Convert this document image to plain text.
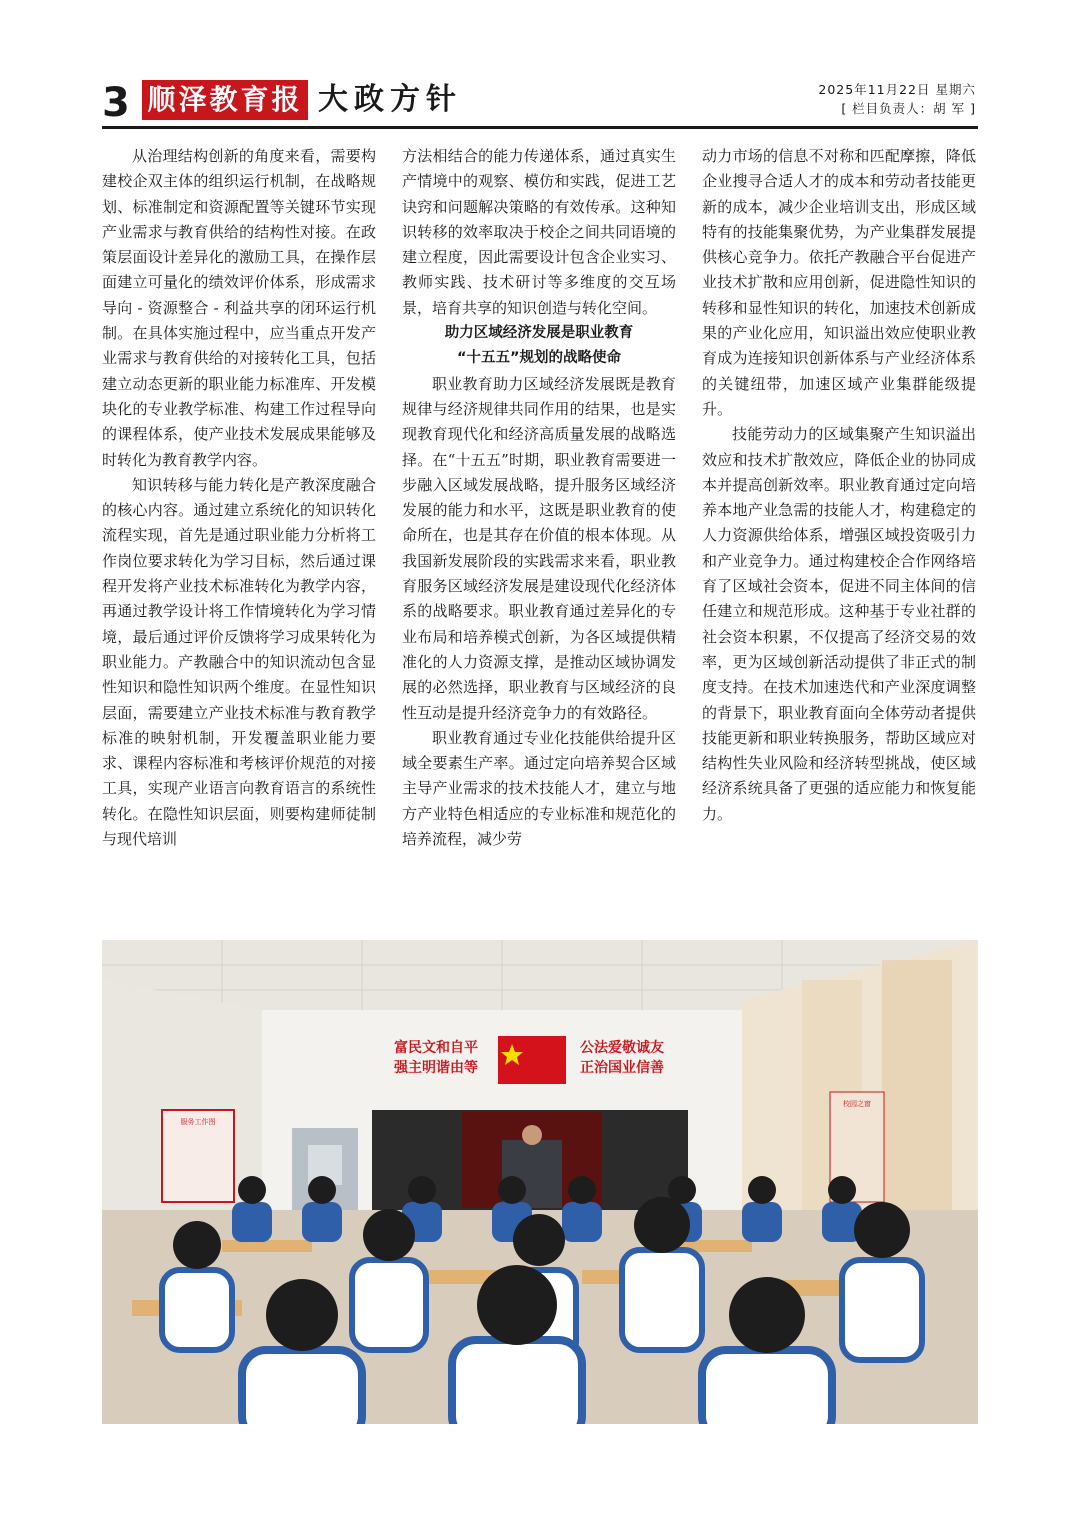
3 顺泽教育报 大政方针	2025年11月22日 星期六
[ 栏目负责人：胡 军 ]

从治理结构创新的角度来看，需要构建校企双主体的组织运行机制，在战略规划、标准制定和资源配置等关键环节实现产业需求与教育供给的结构性对接。在政策层面设计差异化的激励工具，在操作层面建立可量化的绩效评价体系，形成需求导向 - 资源整合 - 利益共享的闭环运行机制。在具体实施过程中，应当重点开发产业需求与教育供给的对接转化工具，包括建立动态更新的职业能力标准库、开发模块化的专业教学标准、构建工作过程导向的课程体系，使产业技术发展成果能够及时转化为教育教学内容。

知识转移与能力转化是产教深度融合的核心内容。通过建立系统化的知识转化流程实现，首先是通过职业能力分析将工作岗位要求转化为学习目标，然后通过课程开发将产业技术标准转化为教学内容，再通过教学设计将工作情境转化为学习情境，最后通过评价反馈将学习成果转化为职业能力。产教融合中的知识流动包含显性知识和隐性知识两个维度。在显性知识层面，需要建立产业技术标准与教育教学标准的映射机制，开发覆盖职业能力要求、课程内容标准和考核评价规范的对接工具，实现产业语言向教育语言的系统性转化。在隐性知识层面，则要构建师徒制与现代培训

方法相结合的能力传递体系，通过真实生产情境中的观察、模仿和实践，促进工艺诀窍和问题解决策略的有效传承。这种知识转移的效率取决于校企之间共同语境的建立程度，因此需要设计包含企业实习、教师实践、技术研讨等多维度的交互场景，培育共享的知识创造与转化空间。

助力区域经济发展是职业教育
“十五五”规划的战略使命

职业教育助力区域经济发展既是教育规律与经济规律共同作用的结果，也是实现教育现代化和经济高质量发展的战略选择。在“十五五”时期，职业教育需要进一步融入区域发展战略，提升服务区域经济发展的能力和水平，这既是职业教育的使命所在，也是其存在价值的根本体现。从我国新发展阶段的实践需求来看，职业教育服务区域经济发展是建设现代化经济体系的战略要求。职业教育通过差异化的专业布局和培养模式创新，为各区域提供精准化的人力资源支撑，是推动区域协调发展的必然选择，职业教育与区域经济的良性互动是提升经济竞争力的有效路径。

职业教育通过专业化技能供给提升区域全要素生产率。通过定向培养契合区域主导产业需求的技术技能人才，建立与地方产业特色相适应的专业标准和规范化的培养流程，减少劳

动力市场的信息不对称和匹配摩擦，降低企业搜寻合适人才的成本和劳动者技能更新的成本，减少企业培训支出，形成区域特有的技能集聚优势，为产业集群发展提供核心竞争力。依托产教融合平台促进产业技术扩散和应用创新，促进隐性知识的转移和显性知识的转化，加速技术创新成果的产业化应用，知识溢出效应使职业教育成为连接知识创新体系与产业经济体系的关键纽带，加速区域产业集群能级提升。

技能劳动力的区域集聚产生知识溢出效应和技术扩散效应，降低企业的协同成本并提高创新效率。职业教育通过定向培养本地产业急需的技能人才，构建稳定的人力资源供给体系，增强区域投资吸引力和产业竞争力。通过构建校企合作网络培育了区域社会资本，促进不同主体间的信任建立和规范形成。这种基于专业社群的社会资本积累，不仅提高了经济交易的效率，更为区域创新活动提供了非正式的制度支持。在技术加速迭代和产业深度调整的背景下，职业教育面向全体劳动者提供技能更新和职业转换服务，帮助区域应对结构性失业风险和经济转型挑战，使区域经济系统具备了更强的适应能力和恢复能力。

富民文和自平
强主明谐由等
公法爱敬诚友
正治国业信善
服务工作图
校园之窗
